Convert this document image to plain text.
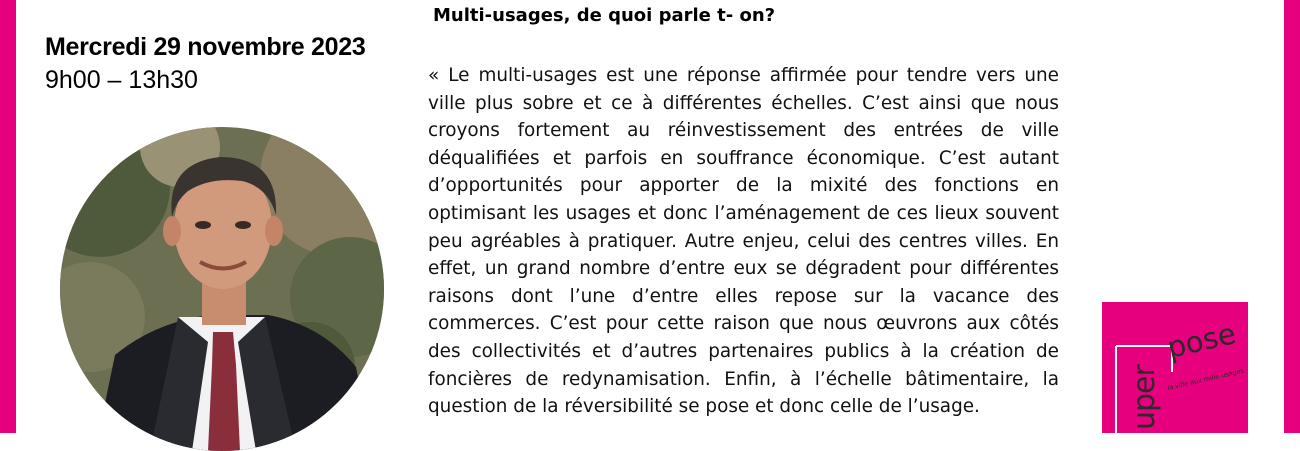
Multi-usages, de quoi parle t- on?
Mercredi 29 novembre 2023
9h00 – 13h30	« Le multi-usages est une réponse affirmée pour tendre vers une ville plus sobre et ce à différentes échelles. C’est ainsi que nous croyons fortement au réinvestissement des entrées de ville déqualifiées et parfois en souffrance économique. C’est autant d’opportunités pour apporter de la mixité des fonctions en optimisant les usages et donc l’aménagement de ces lieux souvent peu agréables à pratiquer. Autre enjeu, celui des centres villes. En effet, un grand nombre d’entre eux se dégradent pour différentes raisons dont l’une d’entre elles repose sur la vacance des commerces. C’est pour cette raison que nous œuvrons aux côtés des collectivités et d’autres partenaires publics à la création de foncières de redynamisation. Enfin, à l’échelle bâtimentaire, la question de la réversibilité se pose et donc celle de l’usage.	uper
pose
la ville aux mille usages
